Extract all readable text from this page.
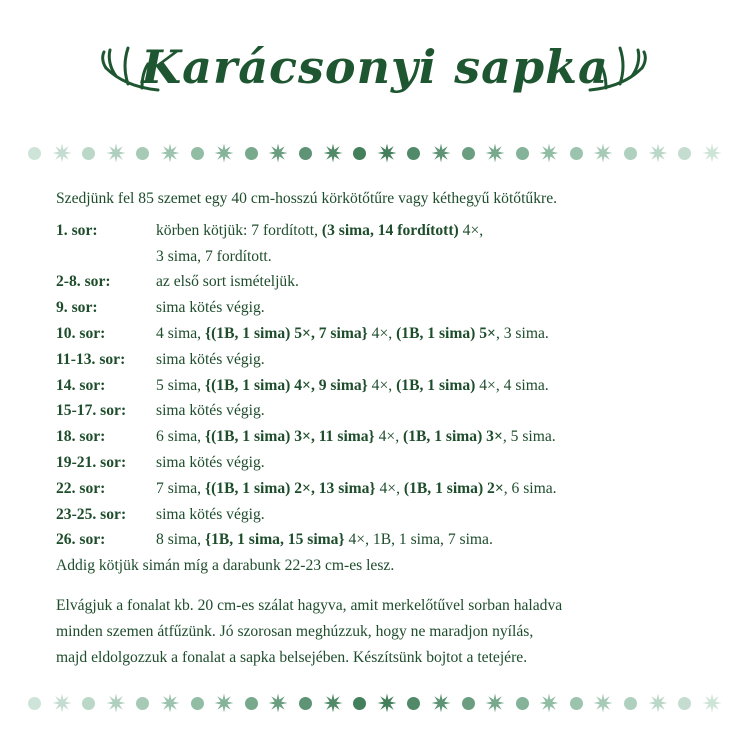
Karácsonyi sapka

Szedjünk fel 85 szemet egy 40 cm-hosszú körkötőtűre vagy kéthegyű kötőtűkre.

1. sor:	körben kötjük: 7 fordított, (3 sima, 14 fordított) 4×,
3 sima, 7 fordított.
2-8. sor:	az első sort ismételjük.
9. sor:	sima kötés végig.
10. sor:	4 sima, {(1B, 1 sima) 5×, 7 sima} 4×, (1B, 1 sima) 5×, 3 sima.
11-13. sor:	sima kötés végig.
14. sor:	5 sima, {(1B, 1 sima) 4×, 9 sima} 4×, (1B, 1 sima) 4×, 4 sima.
15-17. sor:	sima kötés végig.
18. sor:	6 sima, {(1B, 1 sima) 3×, 11 sima} 4×, (1B, 1 sima) 3×, 5 sima.
19-21. sor:	sima kötés végig.
22. sor:	7 sima, {(1B, 1 sima) 2×, 13 sima} 4×, (1B, 1 sima) 2×, 6 sima.
23-25. sor:	sima kötés végig.
26. sor:	8 sima, {1B, 1 sima, 15 sima} 4×, 1B, 1 sima, 7 sima.

Addig kötjük simán míg a darabunk 22-23 cm-es lesz.

Elvágjuk a fonalat kb. 20 cm-es szálat hagyva, amit merkelőtűvel sorban haladva
minden szemen átfűzünk. Jó szorosan meghúzzuk, hogy ne maradjon nyílás,
majd eldolgozzuk a fonalat a sapka belsejében. Készítsünk bojtot a tetejére.
